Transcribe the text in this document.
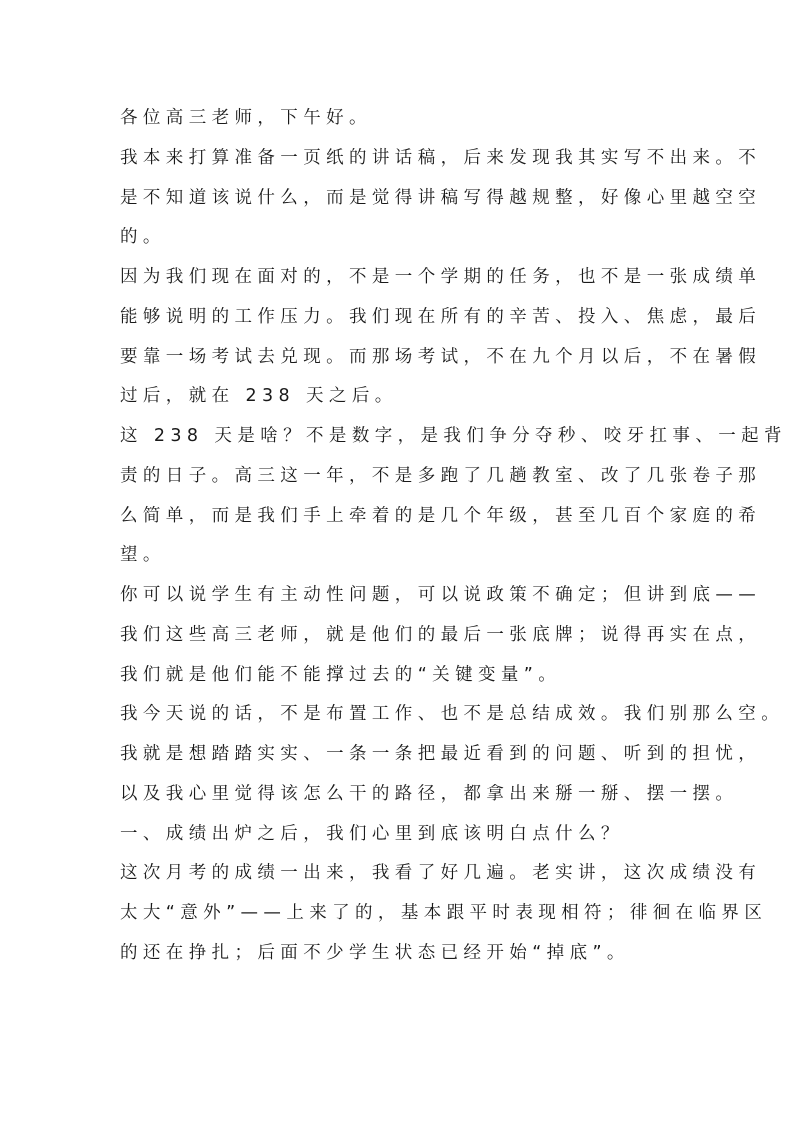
各位高三老师，下午好。
我本来打算准备一页纸的讲话稿，后来发现我其实写不出来。不
是不知道该说什么，而是觉得讲稿写得越规整，好像心里越空空
的。
因为我们现在面对的，不是一个学期的任务，也不是一张成绩单
能够说明的工作压力。我们现在所有的辛苦、投入、焦虑，最后
要靠一场考试去兑现。而那场考试，不在九个月以后，不在暑假
过后，就在 238 天之后。
这 238 天是啥？不是数字，是我们争分夺秒、咬牙扛事、一起背
责的日子。高三这一年，不是多跑了几趟教室、改了几张卷子那
么简单，而是我们手上牵着的是几个年级，甚至几百个家庭的希
望。
你可以说学生有主动性问题，可以说政策不确定；但讲到底——
我们这些高三老师，就是他们的最后一张底牌；说得再实在点，
我们就是他们能不能撑过去的“关键变量”。
我今天说的话，不是布置工作、也不是总结成效。我们别那么空。
我就是想踏踏实实、一条一条把最近看到的问题、听到的担忧，
以及我心里觉得该怎么干的路径，都拿出来掰一掰、摆一摆。
一、成绩出炉之后，我们心里到底该明白点什么？
这次月考的成绩一出来，我看了好几遍。老实讲，这次成绩没有
太大“意外”——上来了的，基本跟平时表现相符；徘徊在临界区
的还在挣扎；后面不少学生状态已经开始“掉底”。
